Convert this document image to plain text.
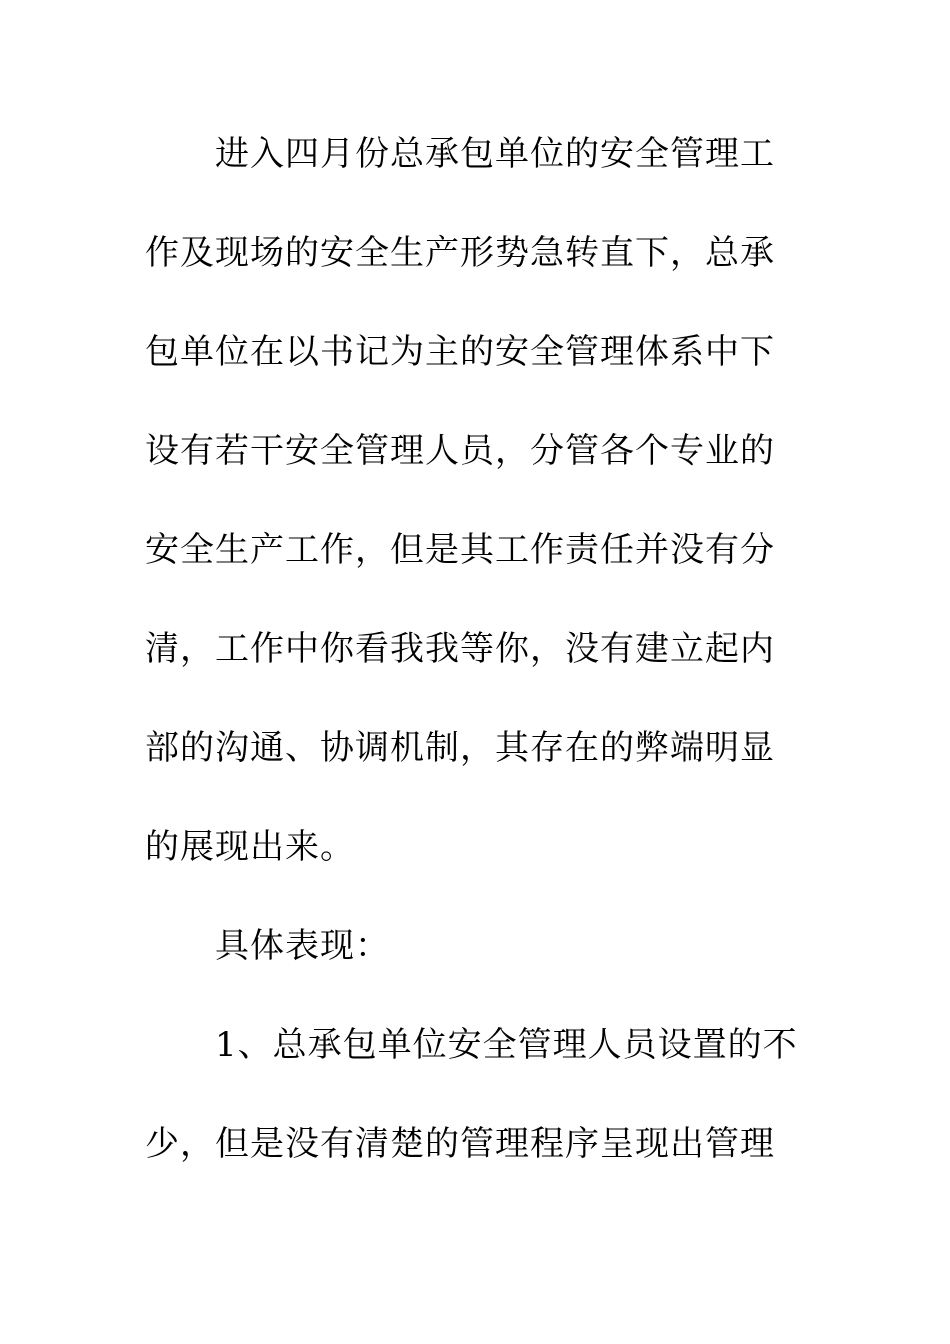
进入四月份总承包单位的安全管理工
作及现场的安全生产形势急转直下，总承
包单位在以书记为主的安全管理体系中下
设有若干安全管理人员，分管各个专业的
安全生产工作，但是其工作责任并没有分
清，工作中你看我我等你，没有建立起内
部的沟通、协调机制，其存在的弊端明显
的展现出来。
具体表现：
1、总承包单位安全管理人员设置的不
少，但是没有清楚的管理程序呈现出管理
